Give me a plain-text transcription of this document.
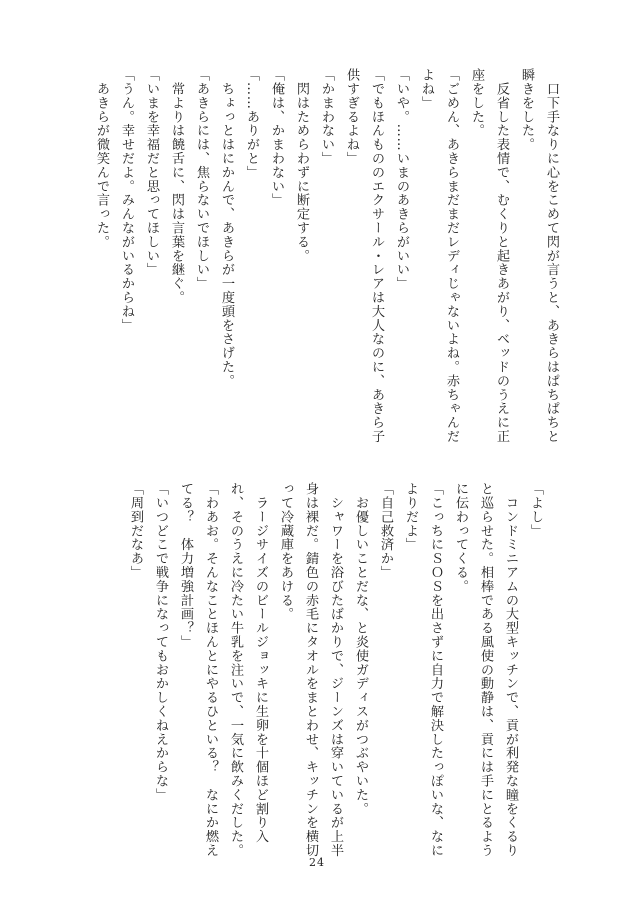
　口下手なりに心をこめて閃が言うと、あきらはぱちぱちと

瞬きをした。

　反省した表情で、むくりと起きあがり、ベッドのうえに正

座をした。

「ごめん、あきらまだまだレディじゃないよね。赤ちゃんだ

よね」

「いや。……いまのあきらがいい」

「でもほんもののエクサール・レアは大人なのに、あきら子

供すぎるよね」

「かまわない」

　閃はためらわずに断定する。

「俺は、かまわない」

「……ありがと」

　ちょっとはにかんで、あきらが一度頭をさげた。

「あきらには、焦らないでほしい」

　常よりは饒舌に、閃は言葉を継ぐ。

「いまを幸福だと思ってほしい」

「うん。幸せだよ。みんながいるからね」

　あきらが微笑んで言った。

「よし」

　コンドミニアムの大型キッチンで、貢が利発な瞳をくるり

と巡らせた。相棒である風使の動静は、貢には手にとるよう

に伝わってくる。

「こっちにＳＯＳを出さずに自力で解決したっぽいな、なに

よりだよ」

「自己救済か」

　お優しいことだな、と炎使ガディスがつぶやいた。

　シャワーを浴びたばかりで、ジーンズは穿いているが上半

身は裸だ。錆色の赤毛にタオルをまとわせ、キッチンを横切

って冷蔵庫をあける。

　ラージサイズのビールジョッキに生卵を十個ほど割り入

れ、そのうえに冷たい牛乳を注いで、一気に飲みくだした。

「わあお。そんなことほんとにやるひといる？　なにか燃え

てる？　体力増強計画？」

「いつどこで戦争になってもおかしくねえからな」

「周到だなあ」

24
